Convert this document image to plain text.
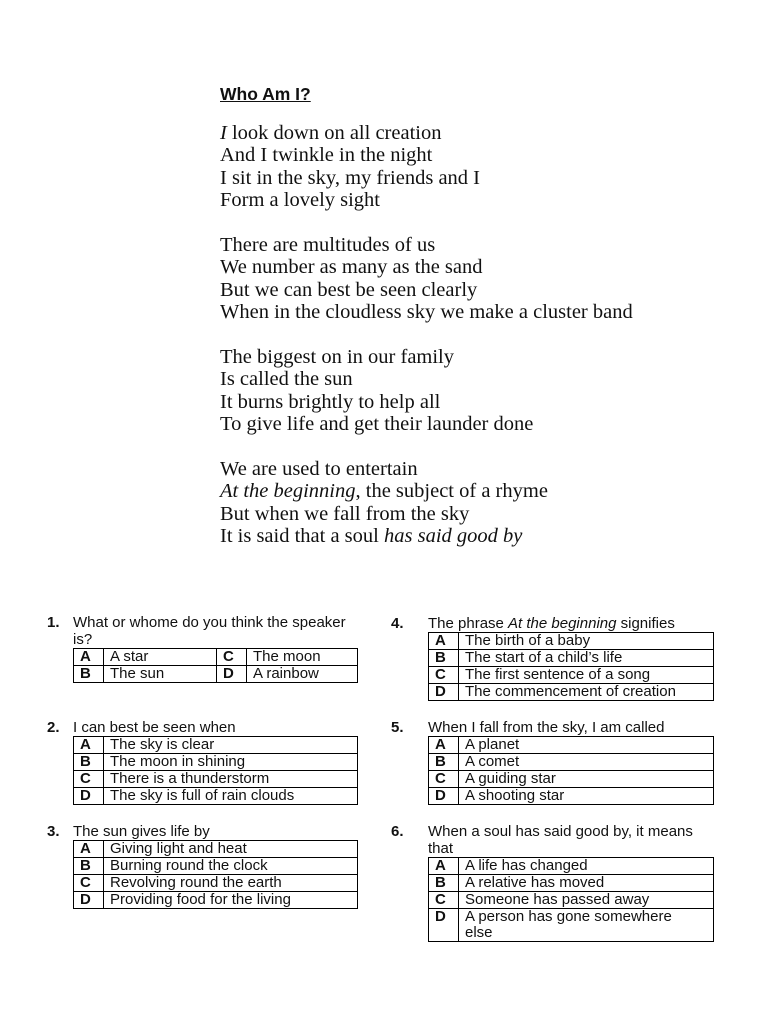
Who Am I?
I look down on all creation
And I twinkle in the night
I sit in the sky, my friends and I
Form a lovely sight
There are multitudes of us
We number as many as the sand
But we can best be seen clearly
When in the cloudless sky we make a cluster band
The biggest on in our family
Is called the sun
It burns brightly to help all
To give life and get their launder done
We are used to entertain
At the beginning, the subject of a rhyme
But when we fall from the sky
It is said that a soul has said good by
1. What or whome do you think the speaker is?
A	A star	C	The moon
B	The sun	D	A rainbow
2. I can best be seen when
A	The sky is clear
B	The moon in shining
C	There is a thunderstorm
D	The sky is full of rain clouds
3. The sun gives life by
A	Giving light and heat
B	Burning round the clock
C	Revolving round the earth
D	Providing food for the living
4. The phrase At the beginning signifies
A	The birth of a baby
B	The start of a child’s life
C	The first sentence of a song
D	The commencement of creation
5. When I fall from the sky, I am called
A	A planet
B	A comet
C	A guiding star
D	A shooting star
6. When a soul has said good by, it means that
A	A life has changed
B	A relative has moved
C	Someone has passed away
D	A person has gone somewhere else
